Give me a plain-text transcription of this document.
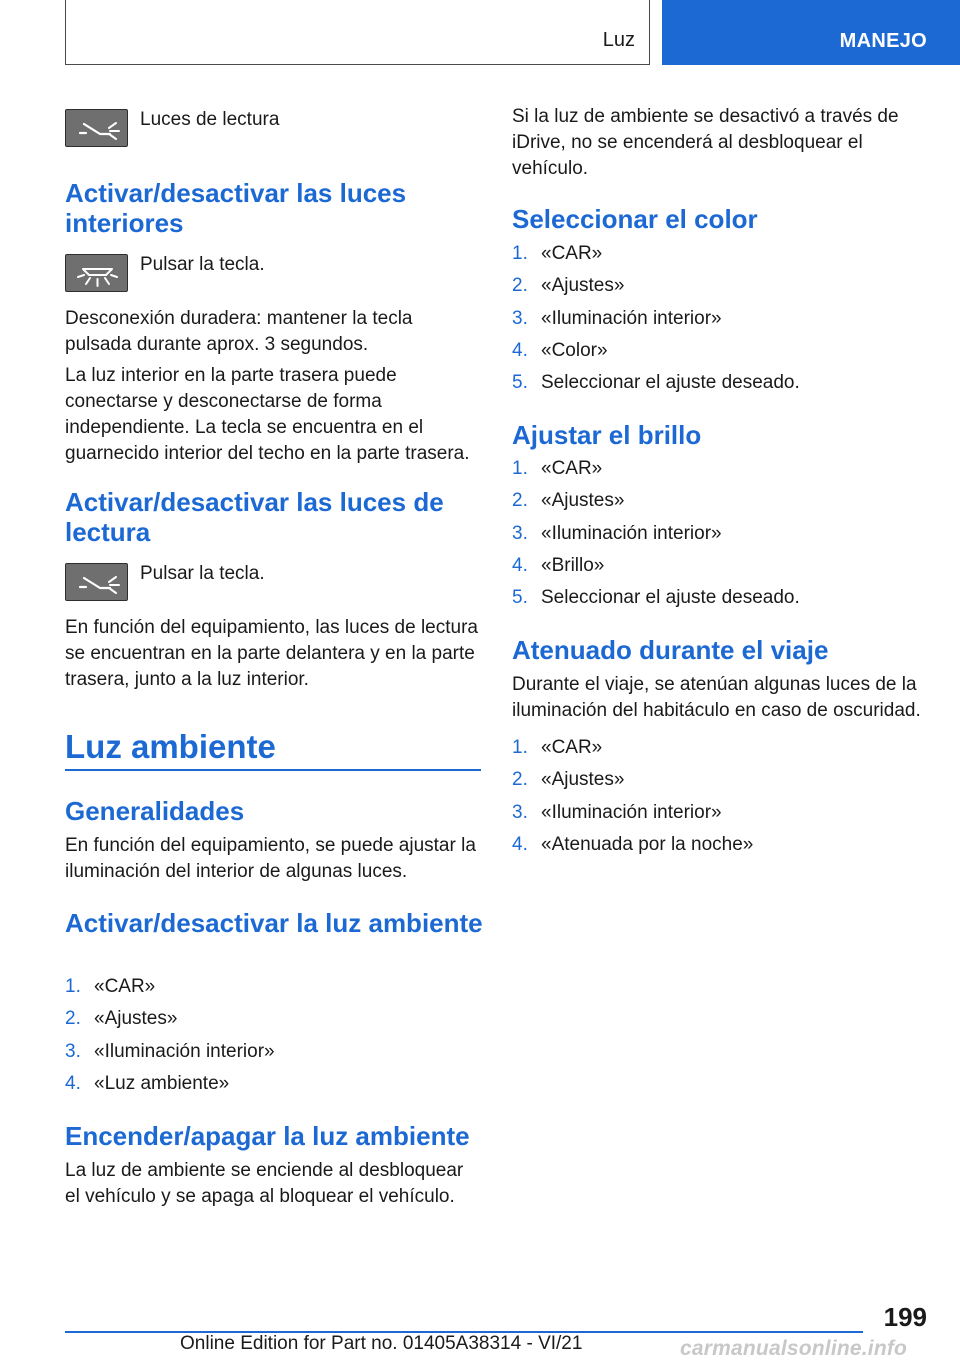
Luz	MANEJO
Luces de lectura
Activar/desactivar las luces interiores
Pulsar la tecla.
Desconexión duradera: mantener la tecla pulsada durante aprox. 3 segundos.
La luz interior en la parte trasera puede conectarse y desconectarse de forma independiente. La tecla se encuentra en el guarnecido interior del techo en la parte trasera.
Activar/desactivar las luces de lectura
Pulsar la tecla.
En función del equipamiento, las luces de lectura se encuentran en la parte delantera y en la parte trasera, junto a la luz interior.
Luz ambiente
Generalidades
En función del equipamiento, se puede ajustar la iluminación del interior de algunas luces.
Activar/desactivar la luz ambiente
1. «CAR»
2. «Ajustes»
3. «Iluminación interior»
4. «Luz ambiente»
Encender/apagar la luz ambiente
La luz de ambiente se enciende al desbloquear el vehículo y se apaga al bloquear el vehículo.
Si la luz de ambiente se desactivó a través de iDrive, no se encenderá al desbloquear el vehículo.
Seleccionar el color
1. «CAR»
2. «Ajustes»
3. «Iluminación interior»
4. «Color»
5. Seleccionar el ajuste deseado.
Ajustar el brillo
1. «CAR»
2. «Ajustes»
3. «Iluminación interior»
4. «Brillo»
5. Seleccionar el ajuste deseado.
Atenuado durante el viaje
Durante el viaje, se atenúan algunas luces de la iluminación del habitáculo en caso de oscuridad.
1. «CAR»
2. «Ajustes»
3. «Iluminación interior»
4. «Atenuada por la noche»
199
Online Edition for Part no. 01405A38314 - VI/21	carmanualsonline.info
